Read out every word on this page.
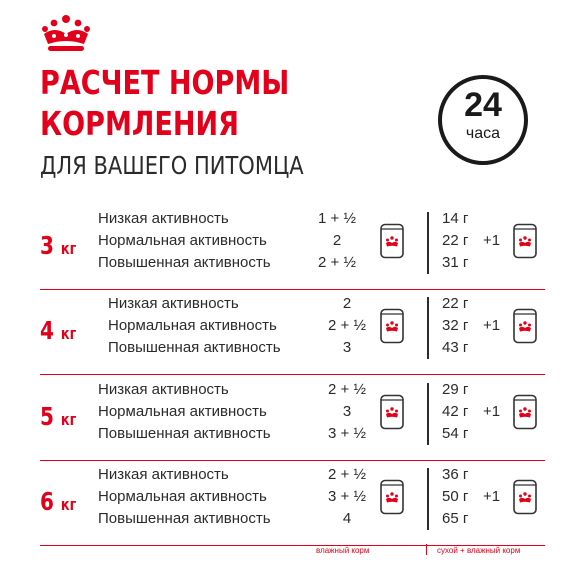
РАСЧЕТ НОРМЫ
КОРМЛЕНИЯ

ДЛЯ ВАШЕГО ПИТОМЦА

24
часа
3 кг
Низкая активность
Нормальная активность
Повышенная активность
1 + ½
2
2 + ½
14 г
22 г
31 г
+1
4 кг
Низкая активность
Нормальная активность
Повышенная активность
2
2 + ½
3
22 г
32 г
43 г
+1
5 кг
Низкая активность
Нормальная активность
Повышенная активность
2 + ½
3
3 + ½
29 г
42 г
54 г
+1
6 кг
Низкая активность
Нормальная активность
Повышенная активность
2 + ½
3 + ½
4
36 г
50 г
65 г
+1
влажный корм	сухой + влажный корм
